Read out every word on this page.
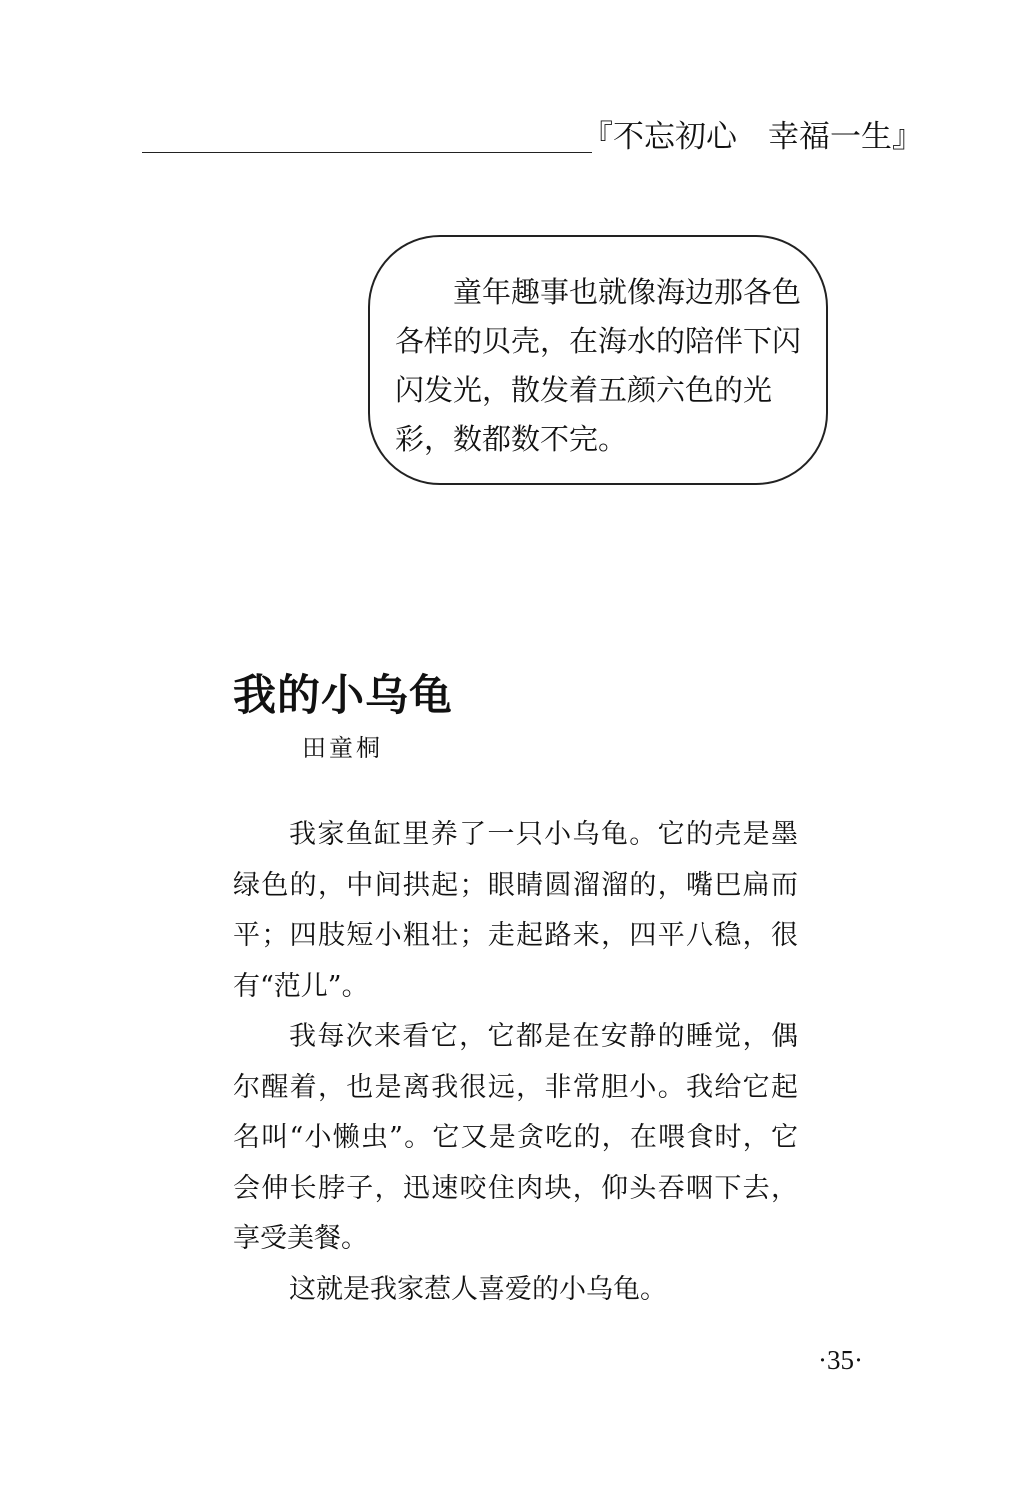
『不忘初心　幸福一生』

童年趣事也就像海边那各色各样的贝壳，在海水的陪伴下闪闪发光，散发着五颜六色的光彩，数都数不完。

我的小乌龟
田童桐

我家鱼缸里养了一只小乌龟。它的壳是墨绿色的，中间拱起；眼睛圆溜溜的，嘴巴扁而平；四肢短小粗壮；走起路来，四平八稳，很有“范儿”。

我每次来看它，它都是在安静的睡觉，偶尔醒着，也是离我很远，非常胆小。我给它起名叫“小懒虫”。它又是贪吃的，在喂食时，它会伸长脖子，迅速咬住肉块，仰头吞咽下去，享受美餐。

这就是我家惹人喜爱的小乌龟。

·35·
